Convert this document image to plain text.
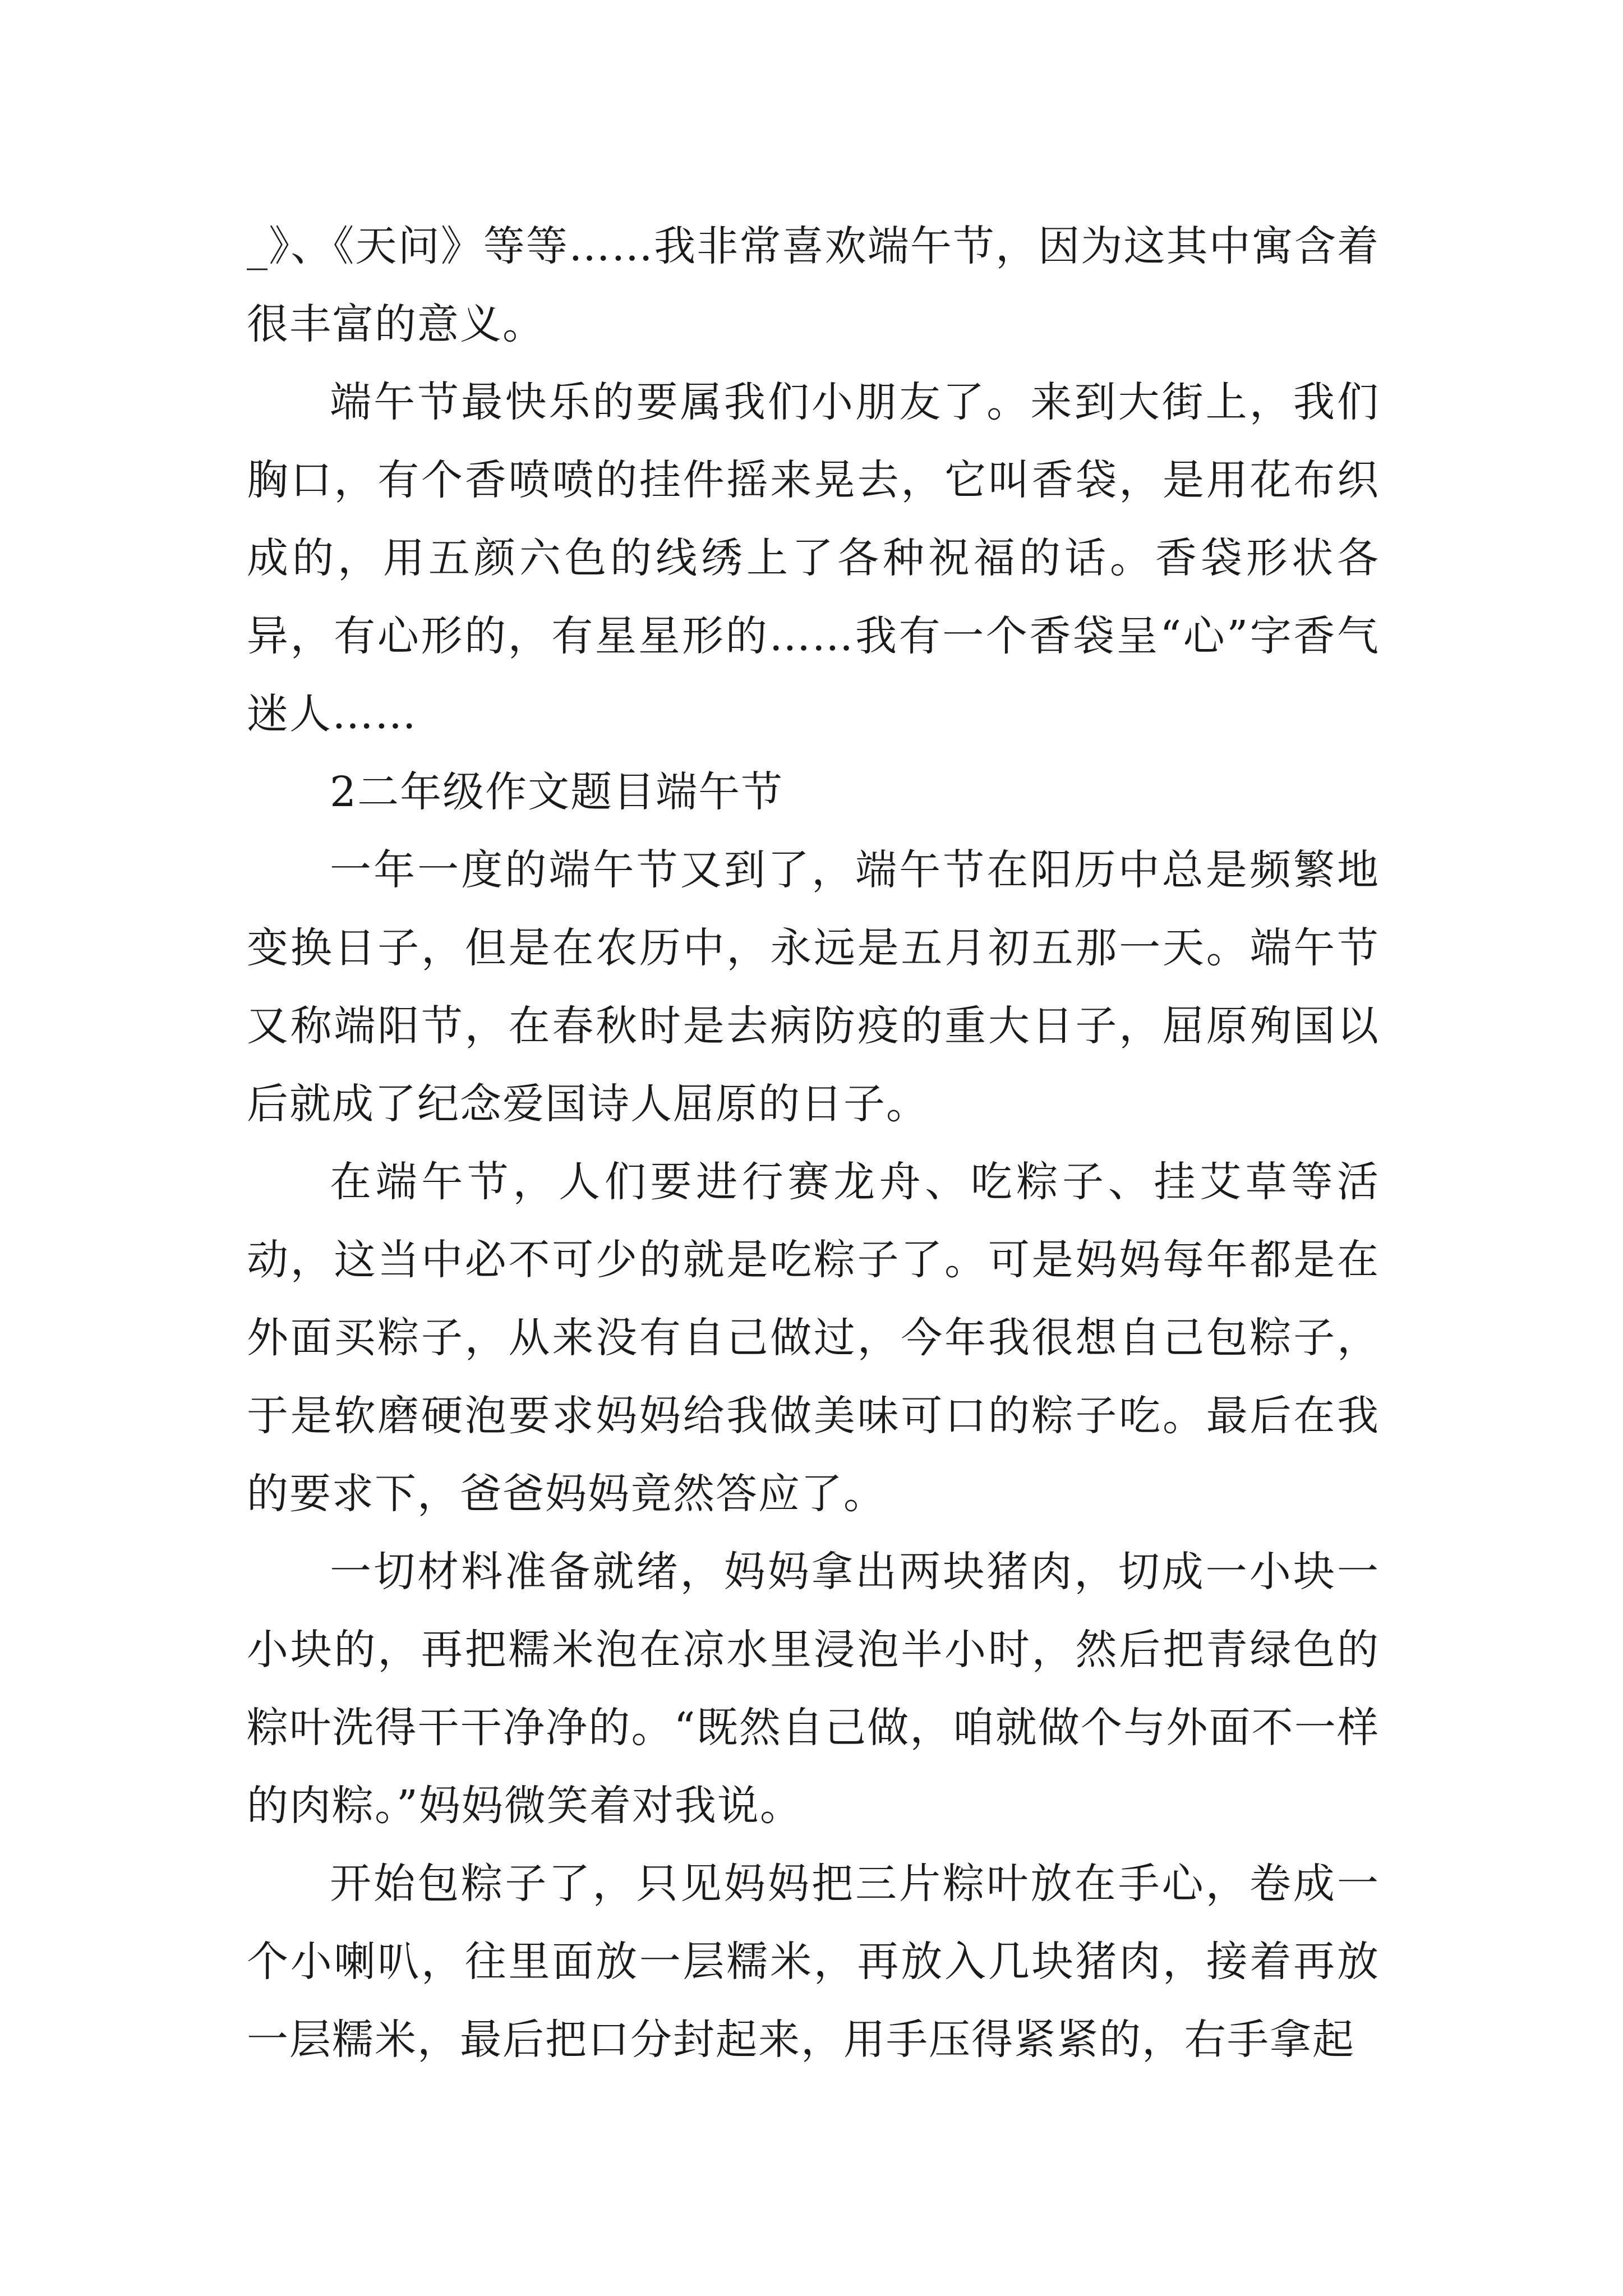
_》、《天问》等等……我非常喜欢端午节，因为这其中寓含着很丰富的意义。

端午节最快乐的要属我们小朋友了。来到大街上，我们胸口，有个香喷喷的挂件摇来晃去，它叫香袋，是用花布织成的，用五颜六色的线绣上了各种祝福的话。香袋形状各异，有心形的，有星星形的……我有一个香袋呈“心”字香气迷人……

2二年级作文题目端午节

一年一度的端午节又到了，端午节在阳历中总是频繁地变换日子，但是在农历中，永远是五月初五那一天。端午节又称端阳节，在春秋时是去病防疫的重大日子，屈原殉国以后就成了纪念爱国诗人屈原的日子。

在端午节，人们要进行赛龙舟、吃粽子、挂艾草等活动，这当中必不可少的就是吃粽子了。可是妈妈每年都是在外面买粽子，从来没有自己做过，今年我很想自己包粽子，于是软磨硬泡要求妈妈给我做美味可口的粽子吃。最后在我的要求下，爸爸妈妈竟然答应了。

一切材料准备就绪，妈妈拿出两块猪肉，切成一小块一小块的，再把糯米泡在凉水里浸泡半小时，然后把青绿色的粽叶洗得干干净净的。“既然自己做，咱就做个与外面不一样的肉粽。”妈妈微笑着对我说。

开始包粽子了，只见妈妈把三片粽叶放在手心，卷成一个小喇叭，往里面放一层糯米，再放入几块猪肉，接着再放一层糯米，最后把口分封起来，用手压得紧紧的，右手拿起
